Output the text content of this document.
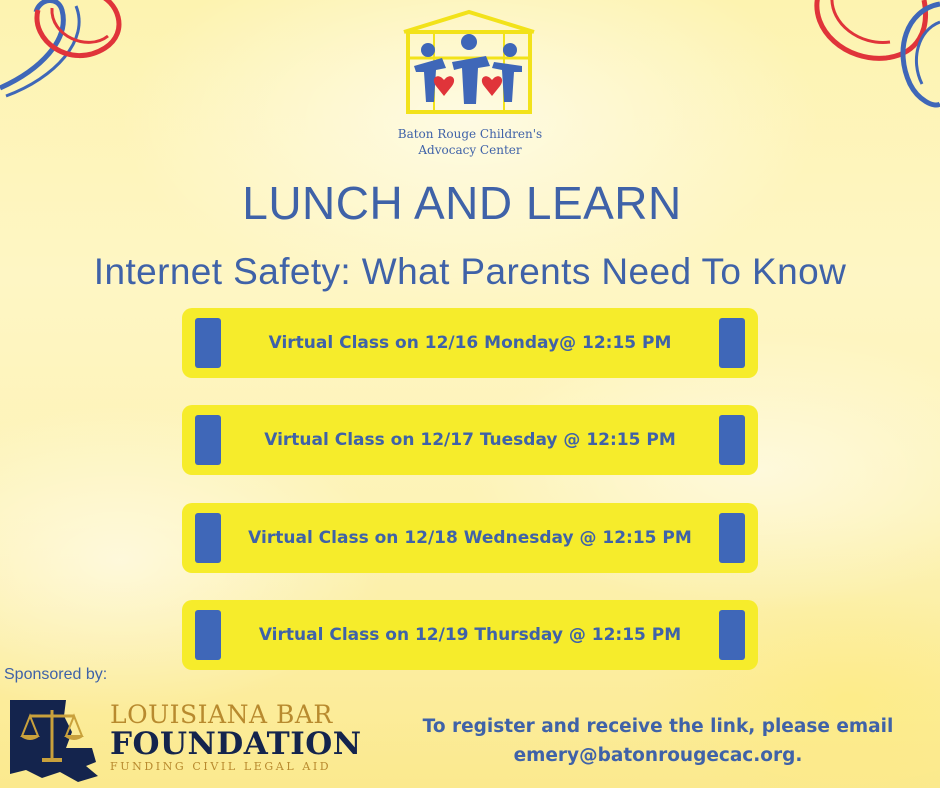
Baton Rouge Children's
Advocacy Center
LUNCH AND LEARN
Internet Safety: What Parents Need To Know
Virtual Class on 12/16 Monday@ 12:15 PM
Virtual Class on 12/17 Tuesday @ 12:15 PM
Virtual Class on 12/18 Wednesday @ 12:15 PM
Virtual Class on 12/19 Thursday @ 12:15 PM
Sponsored by:
LOUISIANA BAR
FOUNDATION
FUNDING CIVIL LEGAL AID
To register and receive the link, please email
emery@batonrougecac.org.
